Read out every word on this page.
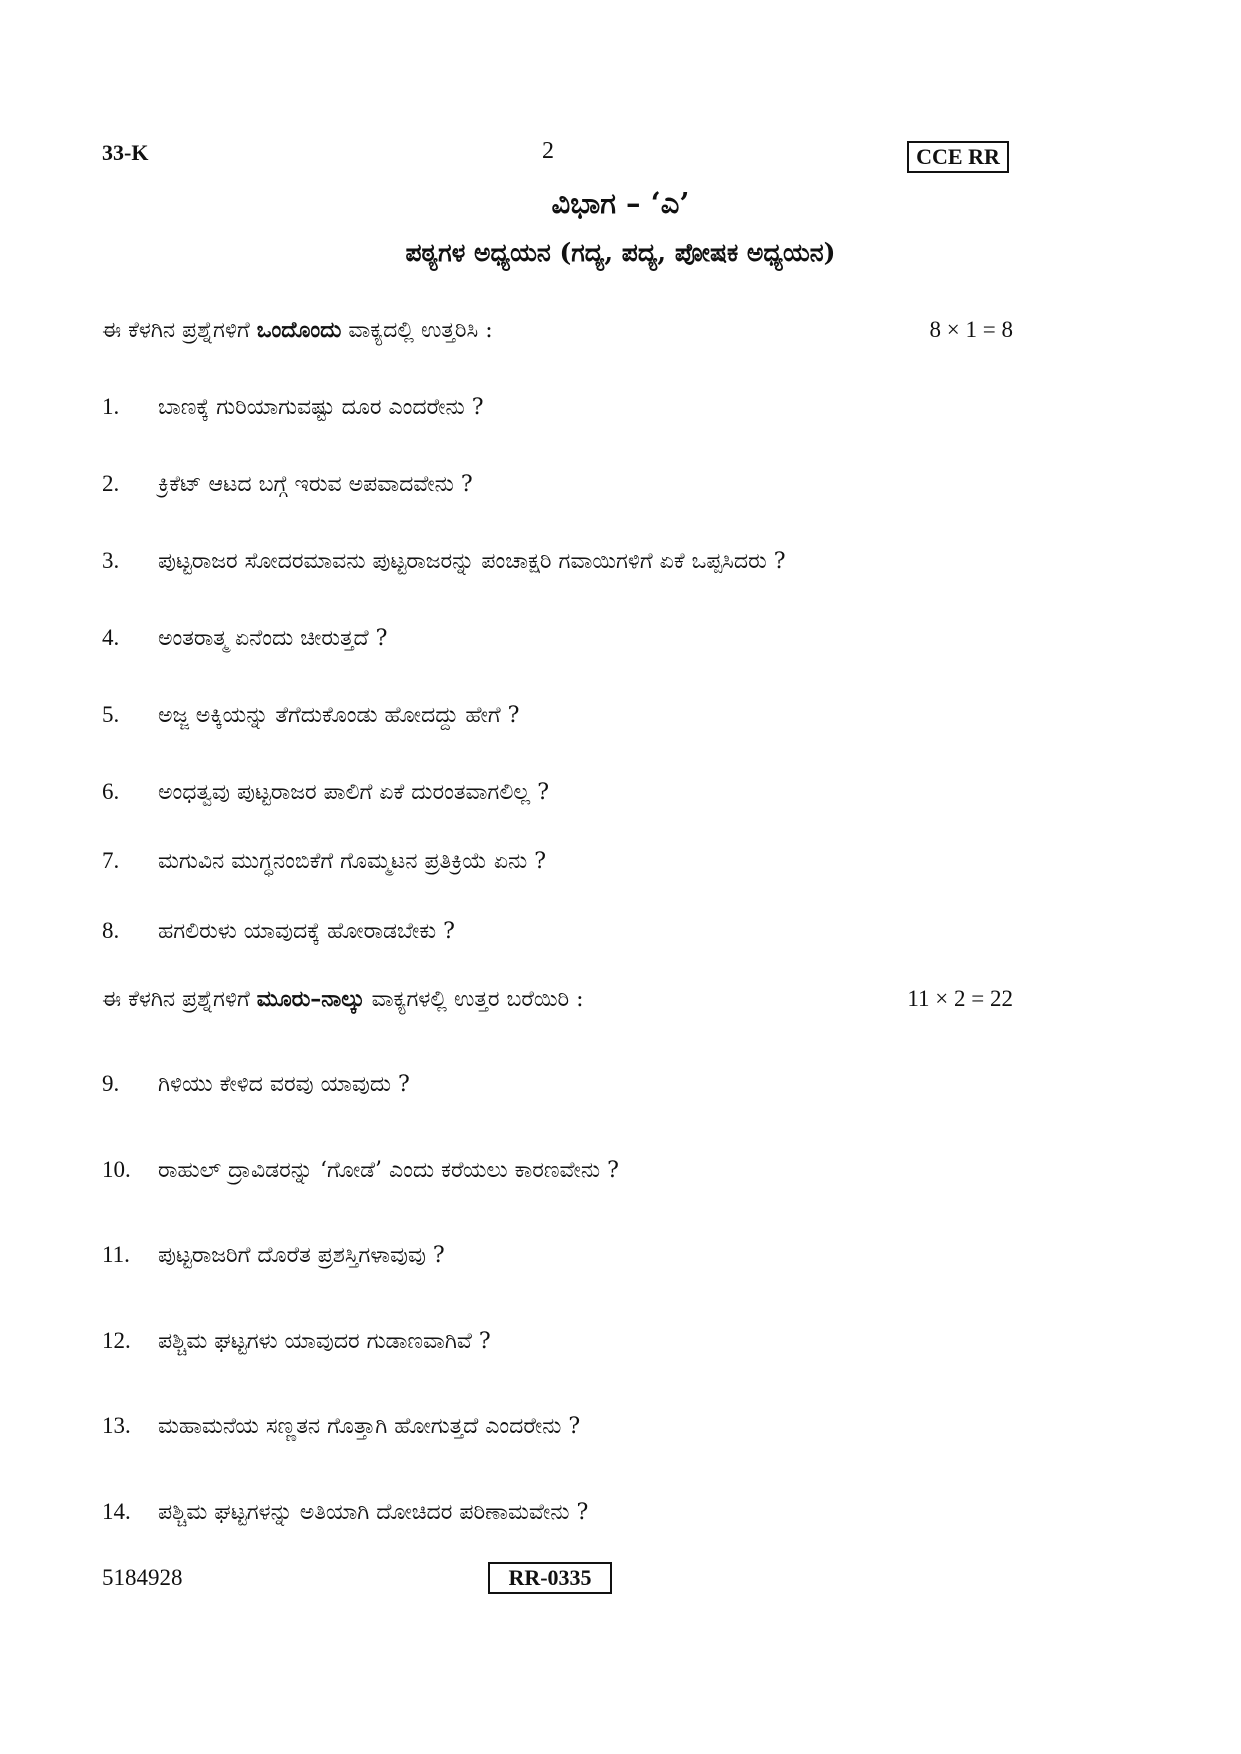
33-K	2	CCE RR
ವಿಭಾಗ – ‘ಎ’
ಪಠ್ಯಗಳ ಅಧ್ಯಯನ (ಗದ್ಯ, ಪದ್ಯ, ಪೋಷಕ ಅಧ್ಯಯನ)
ಈ ಕೆಳಗಿನ ಪ್ರಶ್ನೆಗಳಿಗೆ ಒಂದೊಂದು ವಾಕ್ಯದಲ್ಲಿ ಉತ್ತರಿಸಿ :	8 × 1 = 8
1. ಬಾಣಕ್ಕೆ ಗುರಿಯಾಗುವಷ್ಟು ದೂರ ಎಂದರೇನು ?
2. ಕ್ರಿಕೆಟ್ ಆಟದ ಬಗ್ಗೆ ಇರುವ ಅಪವಾದವೇನು ?
3. ಪುಟ್ಟರಾಜರ ಸೋದರಮಾವನು ಪುಟ್ಟರಾಜರನ್ನು ಪಂಚಾಕ್ಷರಿ ಗವಾಯಿಗಳಿಗೆ ಏಕೆ ಒಪ್ಪಸಿದರು ?
4. ಅಂತರಾತ್ಮ ಏನೆಂದು ಚೀರುತ್ತದೆ ?
5. ಅಜ್ಜ ಅಕ್ಕಿಯನ್ನು ತೆಗೆದುಕೊಂಡು ಹೋದದ್ದು ಹೇಗೆ ?
6. ಅಂಧತ್ವವು ಪುಟ್ಟರಾಜರ ಪಾಲಿಗೆ ಏಕೆ ದುರಂತವಾಗಲಿಲ್ಲ ?
7. ಮಗುವಿನ ಮುಗ್ಧನಂಬಿಕೆಗೆ ಗೊಮ್ಮಟನ ಪ್ರತಿಕ್ರಿಯೆ ಏನು ?
8. ಹಗಲಿರುಳು ಯಾವುದಕ್ಕೆ ಹೋರಾಡಬೇಕು ?
ಈ ಕೆಳಗಿನ ಪ್ರಶ್ನೆಗಳಿಗೆ ಮೂರು–ನಾಲ್ಕು ವಾಕ್ಯಗಳಲ್ಲಿ ಉತ್ತರ ಬರೆಯಿರಿ :	11 × 2 = 22
9. ಗಿಳಿಯು ಕೇಳಿದ ವರವು ಯಾವುದು ?
10. ರಾಹುಲ್ ದ್ರಾವಿಡರನ್ನು ‘ಗೋಡೆ’ ಎಂದು ಕರೆಯಲು ಕಾರಣವೇನು ?
11. ಪುಟ್ಟರಾಜರಿಗೆ ದೊರೆತ ಪ್ರಶಸ್ತಿಗಳಾವುವು ?
12. ಪಶ್ಚಿಮ ಘಟ್ಟಗಳು ಯಾವುದರ ಗುಡಾಣವಾಗಿವೆ ?
13. ಮಹಾಮನೆಯ ಸಣ್ಣತನ ಗೊತ್ತಾಗಿ ಹೋಗುತ್ತದೆ ಎಂದರೇನು ?
14. ಪಶ್ಚಿಮ ಘಟ್ಟಗಳನ್ನು ಅತಿಯಾಗಿ ದೋಚಿದರ ಪರಿಣಾಮವೇನು ?
5184928	RR-0335
